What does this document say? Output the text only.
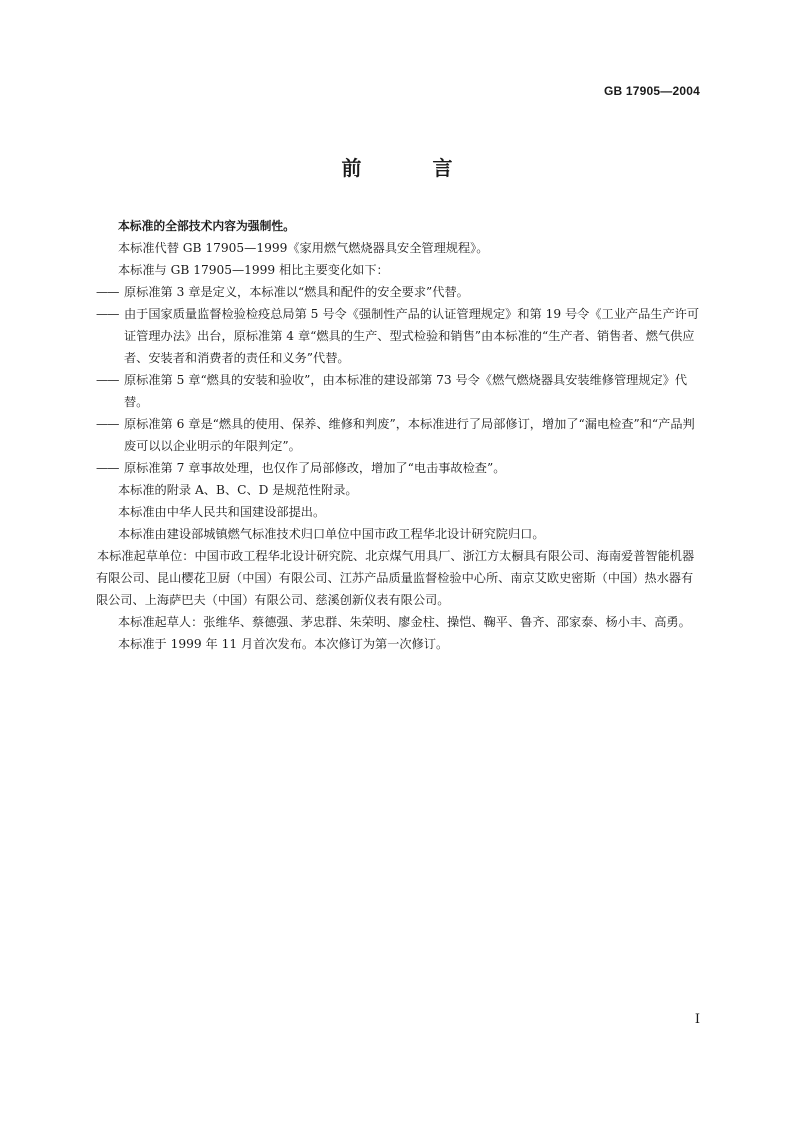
GB 17905—2004
前 言

本标准的全部技术内容为强制性。

本标准代替 GB 17905—1999《家用燃气燃烧器具安全管理规程》。

本标准与 GB 17905—1999 相比主要变化如下：

—— 原标准第 3 章是定义，本标准以“燃具和配件的安全要求”代替。

—— 由于国家质量监督检验检疫总局第 5 号令《强制性产品的认证管理规定》和第 19 号令《工业产品生产许可证管理办法》出台，原标准第 4 章“燃具的生产、型式检验和销售”由本标准的“生产者、销售者、燃气供应者、安装者和消费者的责任和义务”代替。

—— 原标准第 5 章“燃具的安装和验收”，由本标准的建设部第 73 号令《燃气燃烧器具安装维修管理规定》代替。

—— 原标准第 6 章是“燃具的使用、保养、维修和判废”，本标准进行了局部修订，增加了“漏电检查”和“产品判废可以以企业明示的年限判定”。

—— 原标准第 7 章事故处理，也仅作了局部修改，增加了“电击事故检查”。

本标准的附录 A、B、C、D 是规范性附录。

本标准由中华人民共和国建设部提出。

本标准由建设部城镇燃气标准技术归口单位中国市政工程华北设计研究院归口。

本标准起草单位：中国市政工程华北设计研究院、北京煤气用具厂、浙江方太橱具有限公司、海南爱普智能机器有限公司、昆山樱花卫厨（中国）有限公司、江苏产品质量监督检验中心所、南京艾欧史密斯（中国）热水器有限公司、上海萨巴夫（中国）有限公司、慈溪创新仪表有限公司。

本标准起草人：张维华、蔡德强、茅忠群、朱荣明、廖金柱、操恺、鞠平、鲁齐、邵家泰、杨小丰、高勇。

本标准于 1999 年 11 月首次发布。本次修订为第一次修订。

I
